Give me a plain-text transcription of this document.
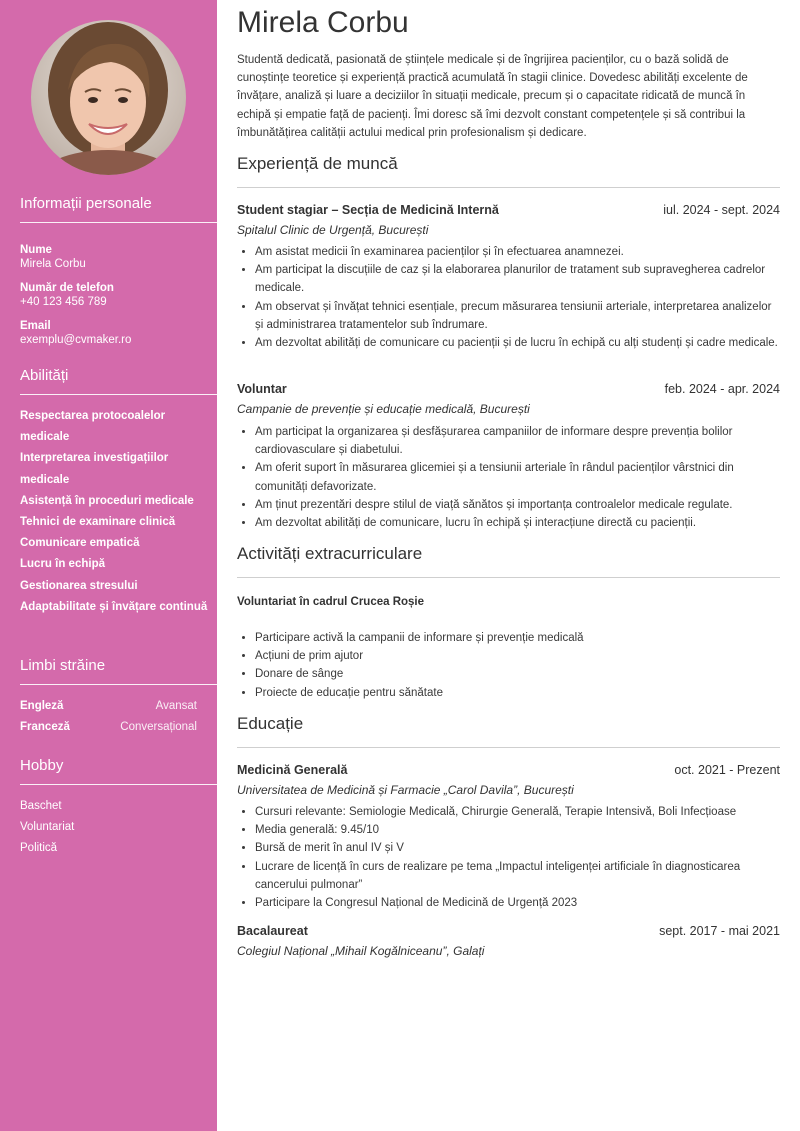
Informații personale
Nume
Mirela Corbu
Număr de telefon
+40 123 456 789
Email
exemplu@cvmaker.ro
Abilități
Respectarea protocoalelor medicale
Interpretarea investigațiilor medicale
Asistență în proceduri medicale
Tehnici de examinare clinică
Comunicare empatică
Lucru în echipă
Gestionarea stresului
Adaptabilitate și învățare continuă
Limbi străine
Engleză	Avansat
Franceză	Conversațional
Hobby
Baschet
Voluntariat
Politică
Mirela Corbu

Studentă dedicată, pasionată de științele medicale și de îngrijirea pacienților, cu o bază solidă de cunoștințe teoretice și experiență practică acumulată în stagii clinice. Dovedesc abilități excelente de învățare, analiză și luare a deciziilor în situații medicale, precum și o capacitate ridicată de muncă în echipă și empatie față de pacienți. Îmi doresc să îmi dezvolt constant competențele și să contribui la îmbunătățirea calității actului medical prin profesionalism și dedicare.

Experiență de muncă
Student stagiar – Secția de Medicină Internă	iul. 2024 - sept. 2024
Spitalul Clinic de Urgență, București
• Am asistat medicii în examinarea pacienților și în efectuarea anamnezei.
• Am participat la discuțiile de caz și la elaborarea planurilor de tratament sub supravegherea cadrelor medicale.
• Am observat și învățat tehnici esențiale, precum măsurarea tensiunii arteriale, interpretarea analizelor și administrarea tratamentelor sub îndrumare.
• Am dezvoltat abilități de comunicare cu pacienții și de lucru în echipă cu alți studenți și cadre medicale.
Voluntar	feb. 2024 - apr. 2024
Campanie de prevenție și educație medicală, București
• Am participat la organizarea și desfășurarea campaniilor de informare despre prevenția bolilor cardiovasculare și diabetului.
• Am oferit suport în măsurarea glicemiei și a tensiunii arteriale în rândul pacienților vârstnici din comunități defavorizate.
• Am ținut prezentări despre stilul de viață sănătos și importanța controalelor medicale regulate.
• Am dezvoltat abilități de comunicare, lucru în echipă și interacțiune directă cu pacienții.
Activități extracurriculare
Voluntariat în cadrul Crucea Roșie
• Participare activă la campanii de informare și prevenție medicală
• Acțiuni de prim ajutor
• Donare de sânge
• Proiecte de educație pentru sănătate
Educație
Medicină Generală	oct. 2021 - Prezent
Universitatea de Medicină și Farmacie „Carol Davila”, București
• Cursuri relevante: Semiologie Medicală, Chirurgie Generală, Terapie Intensivă, Boli Infecțioase
• Media generală: 9.45/10
• Bursă de merit în anul IV și V
• Lucrare de licență în curs de realizare pe tema „Impactul inteligenței artificiale în diagnosticarea cancerului pulmonar”
• Participare la Congresul Național de Medicină de Urgență 2023
Bacalaureat	sept. 2017 - mai 2021
Colegiul Național „Mihail Kogălniceanu”, Galați
